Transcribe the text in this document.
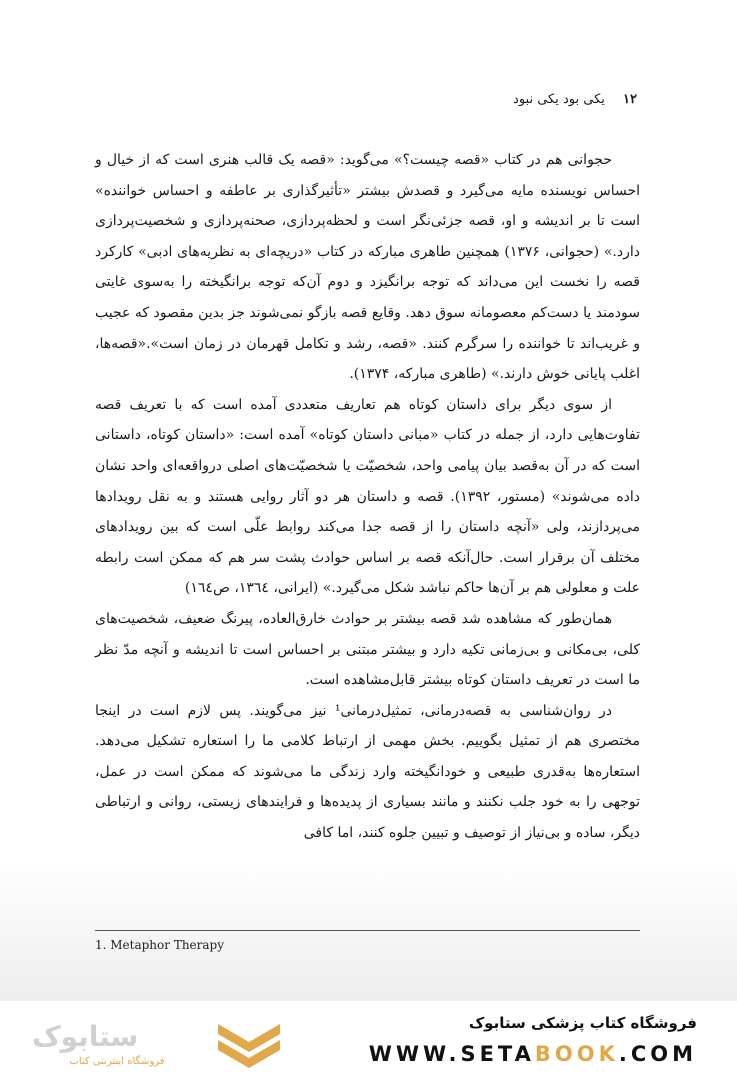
۱۲ یکی بود یکی نبود

حجوانی هم در کتاب «قصه چیست؟» می‌گوید: «قصه یک قالب هنری است که از خیال و احساس نویسنده مایه می‌گیرد و قصدش بیشتر «تأثیرگذاری بر عاطفه و احساس خواننده» است تا بر اندیشه و او، قصه جزئی‌نگر است و لحظه‌پردازی، صحنه‌پردازی و شخصیت‌پردازی دارد.» (حجوانی، ۱۳۷۶) همچنین طاهری مبارکه در کتاب «دریچه‌ای به نظریه‌های ادبی» کارکرد قصه را نخست این می‌داند که توجه برانگیزد و دوم آن‌که توجه برانگیخته را به‌سوی غایتی سودمند یا دست‌کم معصومانه سوق دهد. وقایع قصه بازگو نمی‌شوند جز بدین مقصود که عجیب و غریب‌اند تا خواننده را سرگرم کنند. «قصه، رشد و تکامل قهرمان در زمان است».«قصه‌ها، اغلب پایانی خوش دارند.» (طاهری مبارکه، ۱۳۷۴).

از سوی دیگر برای داستان کوتاه هم تعاریف متعددی آمده است که با تعریف قصه تفاوت‌هایی دارد، از جمله در کتاب «مبانی داستان کوتاه» آمده است: «داستان کوتاه، داستانی است که در آن به‌قصد بیان پیامی واحد، شخصیّت یا شخصیّت‌های اصلی درواقعه‌ای واحد نشان داده می‌شوند» (مستور، ۱۳۹۲). قصه و داستان هر دو آثار روایی هستند و به نقل رویدادها می‌پردازند، ولی «آنچه داستان را از قصه جدا می‌کند روابط علّی است که بین رویدادهای مختلف آن برقرار است. حال‌آنکه قصه بر اساس حوادث پشت سر هم که ممکن است رابطه علت و معلولی هم بر آن‌ها حاکم نباشد شکل می‌گیرد.» (ایرانی، ۱۳٦٤، ص۱٦٤)

همان‌طور که مشاهده شد قصه بیشتر بر حوادث خارق‌العاده، پیرنگ ضعیف، شخصیت‌های کلی، بی‌مکانی و بی‌زمانی تکیه دارد و بیشتر مبتنی بر احساس است تا اندیشه و آنچه مدّ نظر ما است در تعریف داستان کوتاه بیشتر قابل‌مشاهده است.

در روان‌شناسی به قصه‌درمانی، تمثیل‌درمانی¹ نیز می‌گویند. پس لازم است در اینجا مختصری هم از تمثیل بگوییم. بخش مهمی از ارتباط کلامی ما را استعاره تشکیل می‌دهد. استعاره‌ها به‌قدری طبیعی و خودانگیخته وارد زندگی ما می‌شوند که ممکن است در عمل، توجهی را به خود جلب نکنند و مانند بسیاری از پدیده‌ها و فرایندهای زیستی، روانی و ارتباطی دیگر، ساده و بی‌نیاز از توصیف و تبیین جلوه کنند، اما کافی

1. Metaphor Therapy
ستابوک
فروشگاه اینترنتی کتاب
فروشگاه کتاب پزشکی ستابوک
WWW.SETABOOK.COM
